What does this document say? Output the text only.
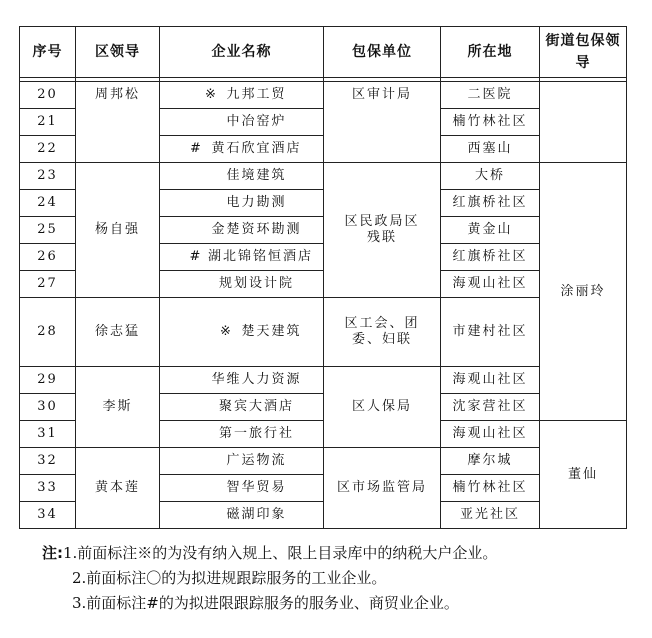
序号	区领导	企业名称	包保单位	所在地	街道包保领导

20	周邦松	※ 九邦工贸	区审计局	二医院	
21		中冶窑炉		楠竹林社区	
22		# 黄石欣宜酒店		西塞山	
23	杨自强	佳境建筑	区民政局区残联	大桥	涂丽玲
24		电力勘测		红旗桥社区	
25		金楚资环勘测		黄金山	
26		# 湖北锦铭恒酒店		红旗桥社区	
27		规划设计院		海观山社区	
28	徐志猛	※ 楚天建筑	区工会、团委、妇联	市建村社区	
29	李斯	华维人力资源	区人保局	海观山社区	
30		聚宾大酒店		沈家营社区	
31		第一旅行社		海观山社区	董仙
32	黄本莲	广运物流	区市场监管局	摩尔城	
33		智华贸易		楠竹林社区	
34		磁湖印象		亚光社区	
注:1.前面标注※的为没有纳入规上、限上目录库中的纳税大户企业。
2.前面标注〇的为拟进规跟踪服务的工业企业。
3.前面标注#的为拟进限跟踪服务的服务业、商贸业企业。
